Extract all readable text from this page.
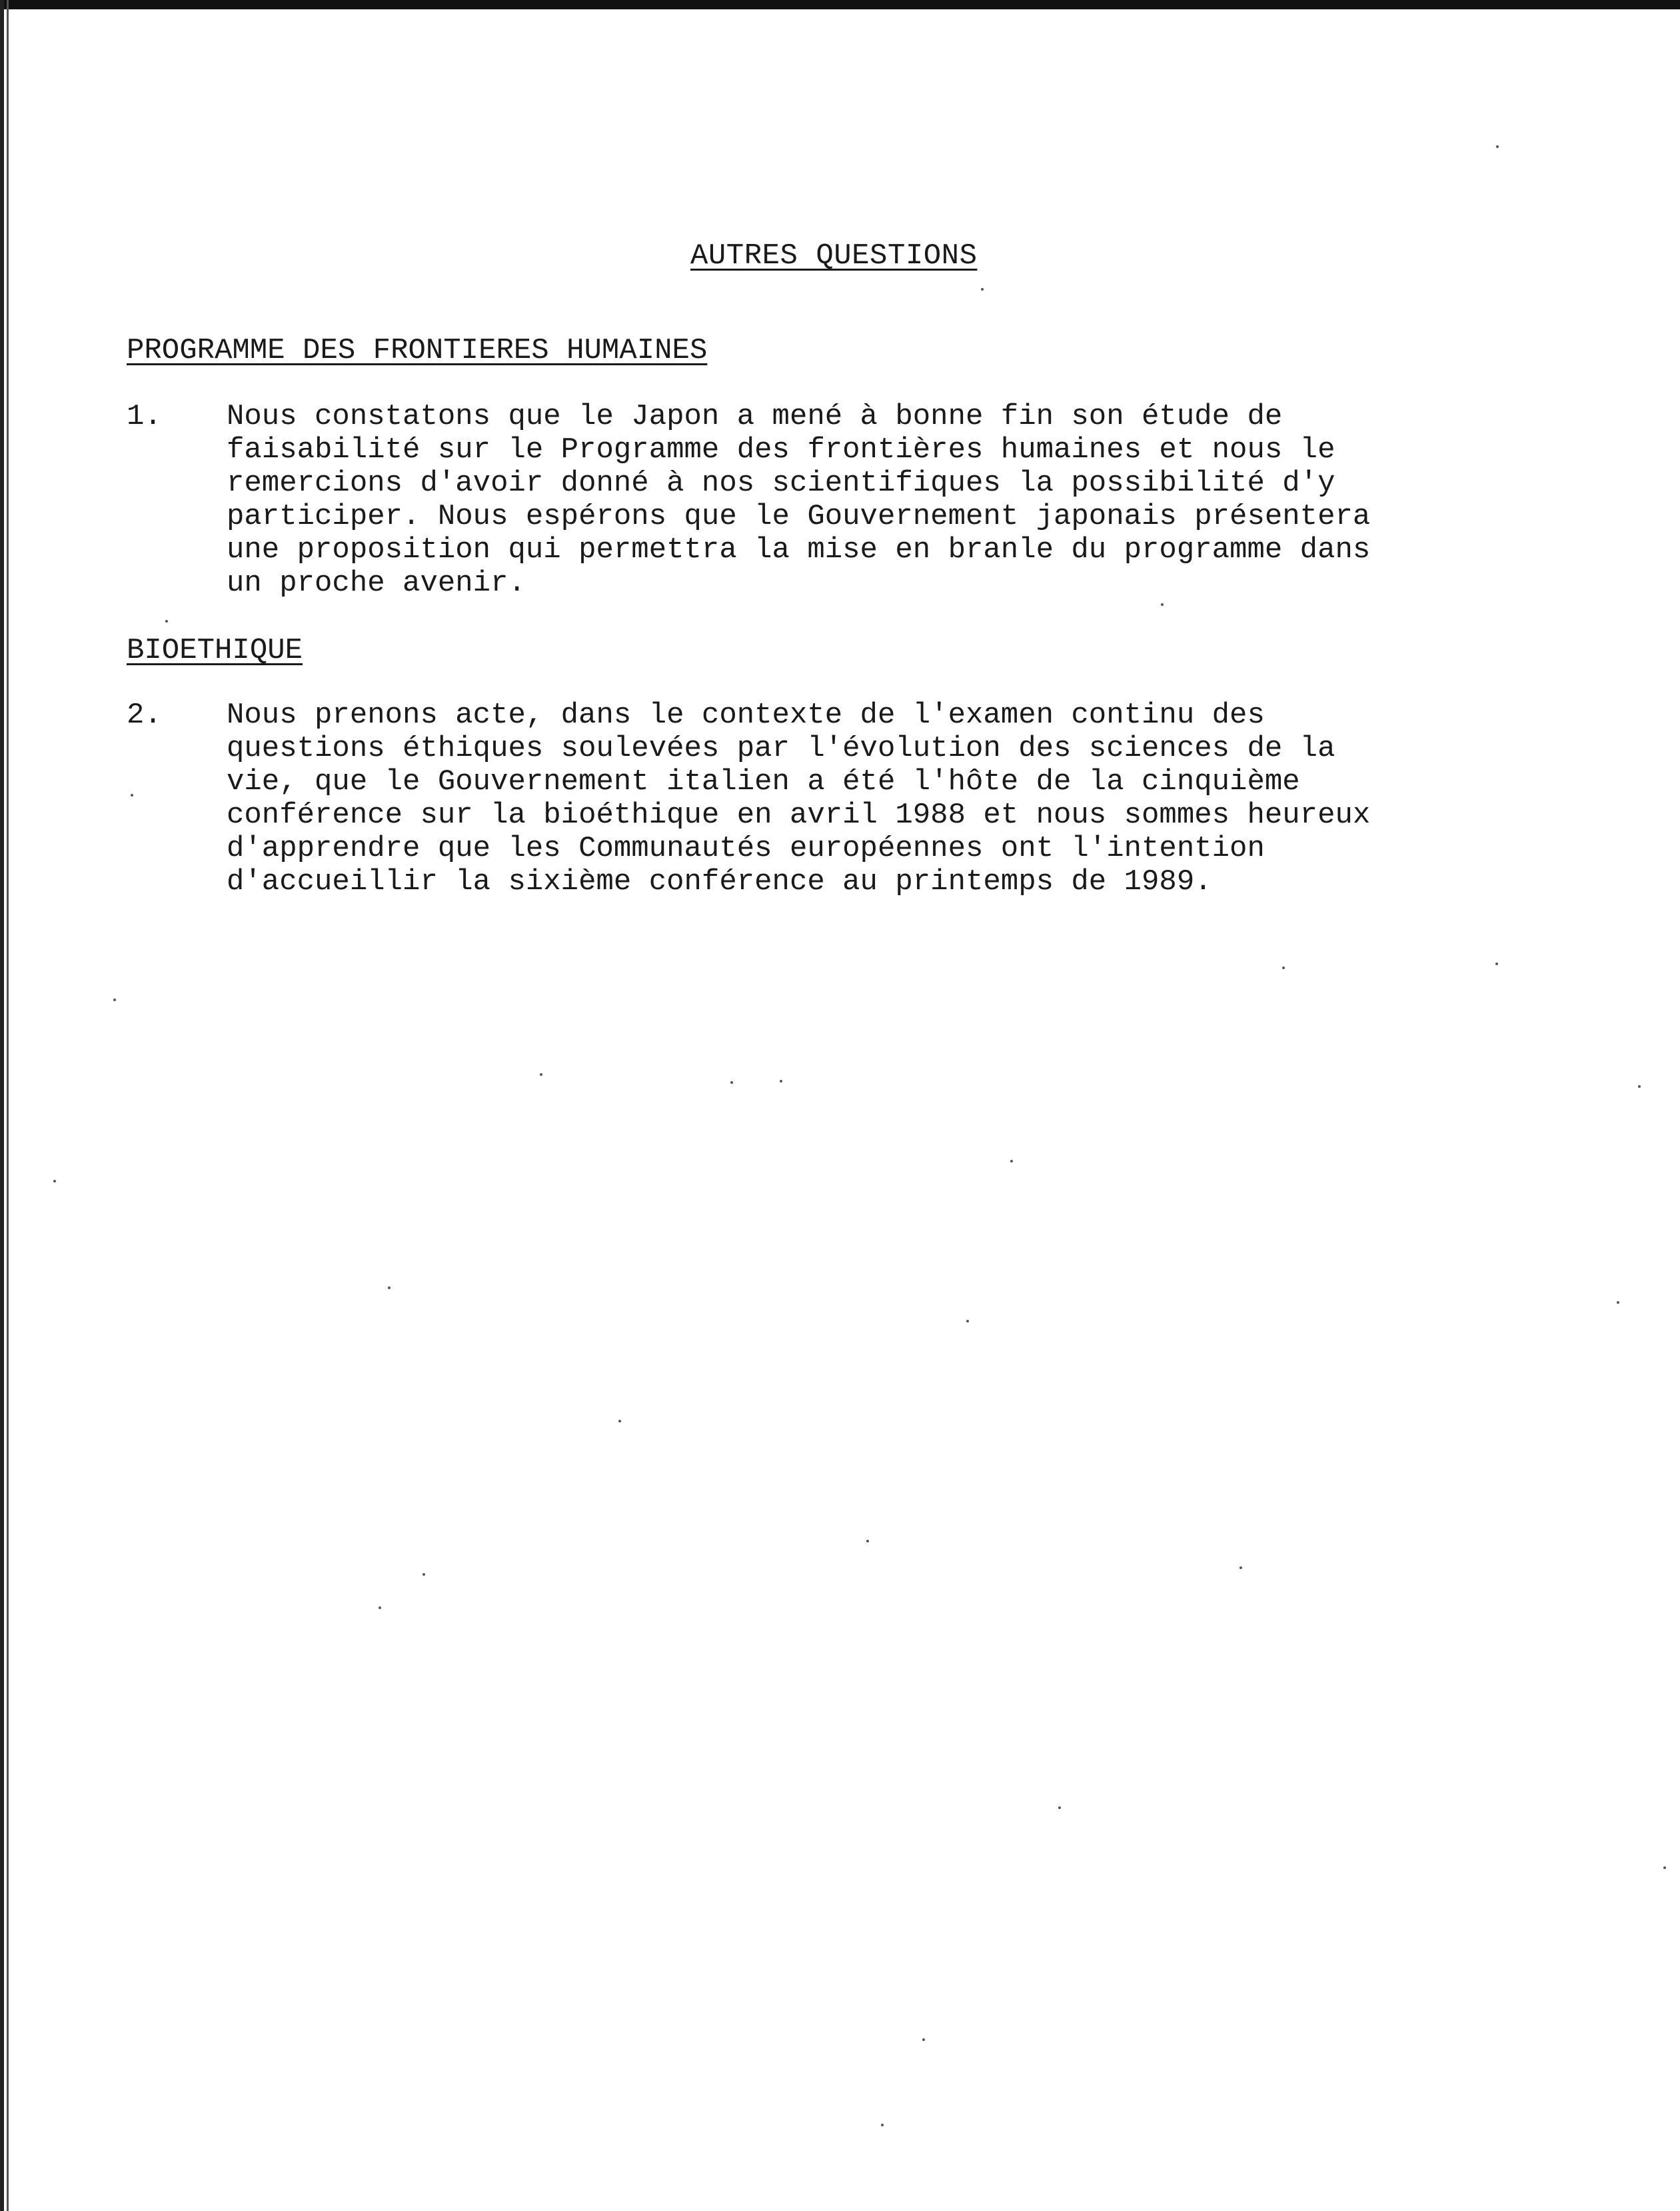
AUTRES QUESTIONS
PROGRAMME DES FRONTIERES HUMAINES
1. Nous constatons que le Japon a mené à bonne fin son étude de
faisabilité sur le Programme des frontières humaines et nous le
remercions d'avoir donné à nos scientifiques la possibilité d'y
participer. Nous espérons que le Gouvernement japonais présentera
une proposition qui permettra la mise en branle du programme dans
un proche avenir.
BIOETHIQUE
2. Nous prenons acte, dans le contexte de l'examen continu des
questions éthiques soulevées par l'évolution des sciences de la
vie, que le Gouvernement italien a été l'hôte de la cinquième
conférence sur la bioéthique en avril 1988 et nous sommes heureux
d'apprendre que les Communautés européennes ont l'intention
d'accueillir la sixième conférence au printemps de 1989.
